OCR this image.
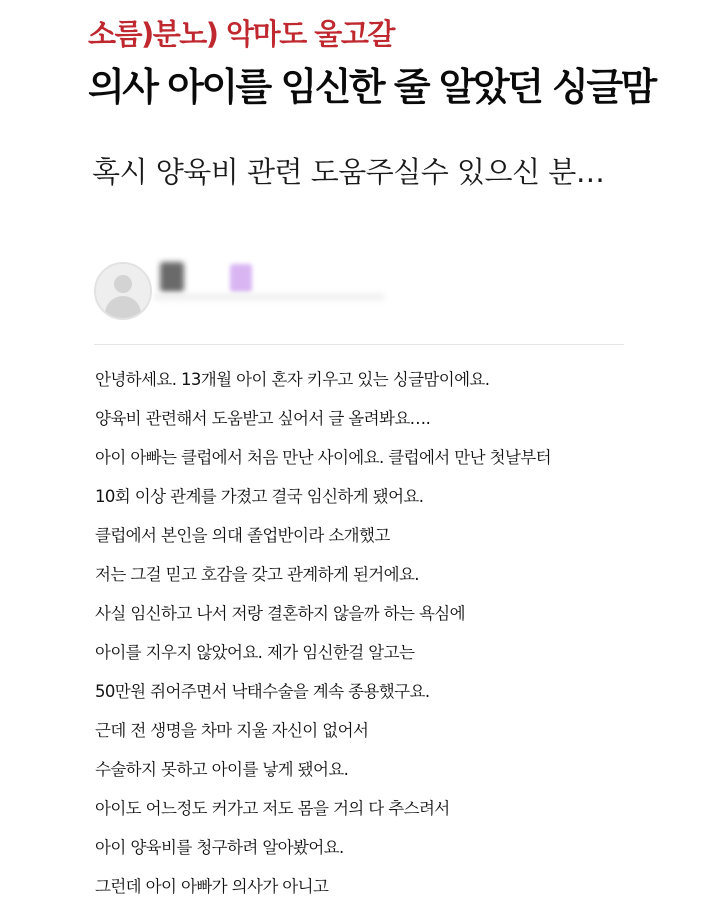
소름)분노) 악마도 울고갈
의사 아이를 임신한 줄 알았던 싱글맘
혹시 양육비 관련 도움주실수 있으신 분…
안녕하세요. 13개월 아이 혼자 키우고 있는 싱글맘이에요.
양육비 관련해서 도움받고 싶어서 글 올려봐요….
아이 아빠는 클럽에서 처음 만난 사이에요. 클럽에서 만난 첫날부터
10회 이상 관계를 가졌고 결국 임신하게 됐어요.
클럽에서 본인을 의대 졸업반이라 소개했고
저는 그걸 믿고 호감을 갖고 관계하게 된거에요.
사실 임신하고 나서 저랑 결혼하지 않을까 하는 욕심에
아이를 지우지 않았어요. 제가 임신한걸 알고는
50만원 쥐어주면서 낙태수술을 계속 종용했구요.
근데 전 생명을 차마 지울 자신이 없어서
수술하지 못하고 아이를 낳게 됐어요.
아이도 어느정도 커가고 저도 몸을 거의 다 추스려서
아이 양육비를 청구하려 알아봤어요.
그런데 아이 아빠가 의사가 아니고
